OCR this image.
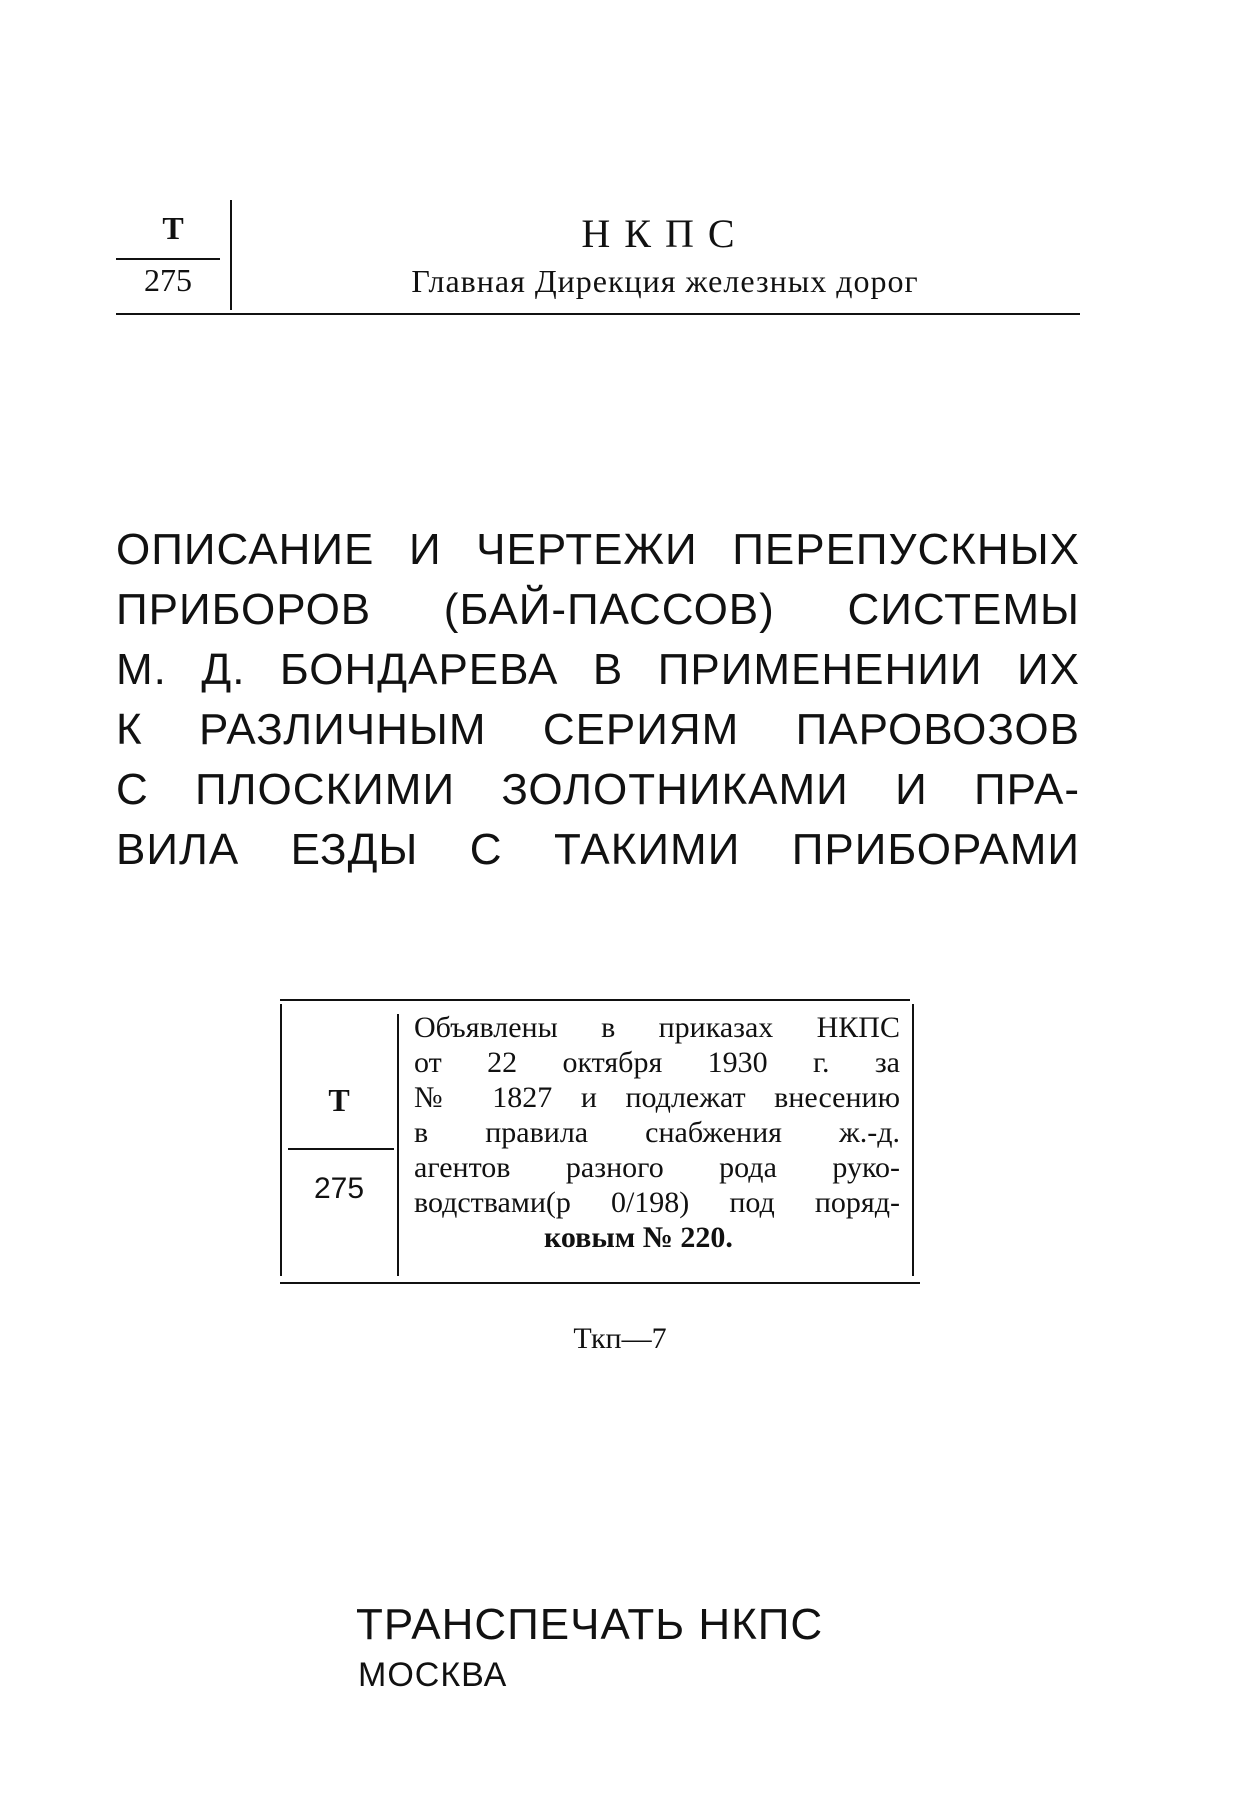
Т
275
НКПС
Главная Дирекция железных дорог
ОПИСАНИЕ И ЧЕРТЕЖИ ПЕРЕПУСКНЫХ
ПРИБОРОВ (БАЙ-ПАССОВ) СИСТЕМЫ
М. Д. БОНДАРЕВА В ПРИМЕНЕНИИ ИХ
К РАЗЛИЧНЫМ СЕРИЯМ ПАРОВОЗОВ
С ПЛОСКИМИ ЗОЛОТНИКАМИ И ПРА-
ВИЛА ЕЗДЫ С ТАКИМИ ПРИБОРАМИ
Т
275
Объявлены в приказах НКПС
от 22 октября 1930 г. за
№ 1827 и подлежат внесению
в правила снабжения ж.-д.
агентов разного рода руко-
водствами(р 0/198) под поряд-
ковым № 220.
Ткп—7
ТРАНСПЕЧАТЬ НКПС
МОСКВА
